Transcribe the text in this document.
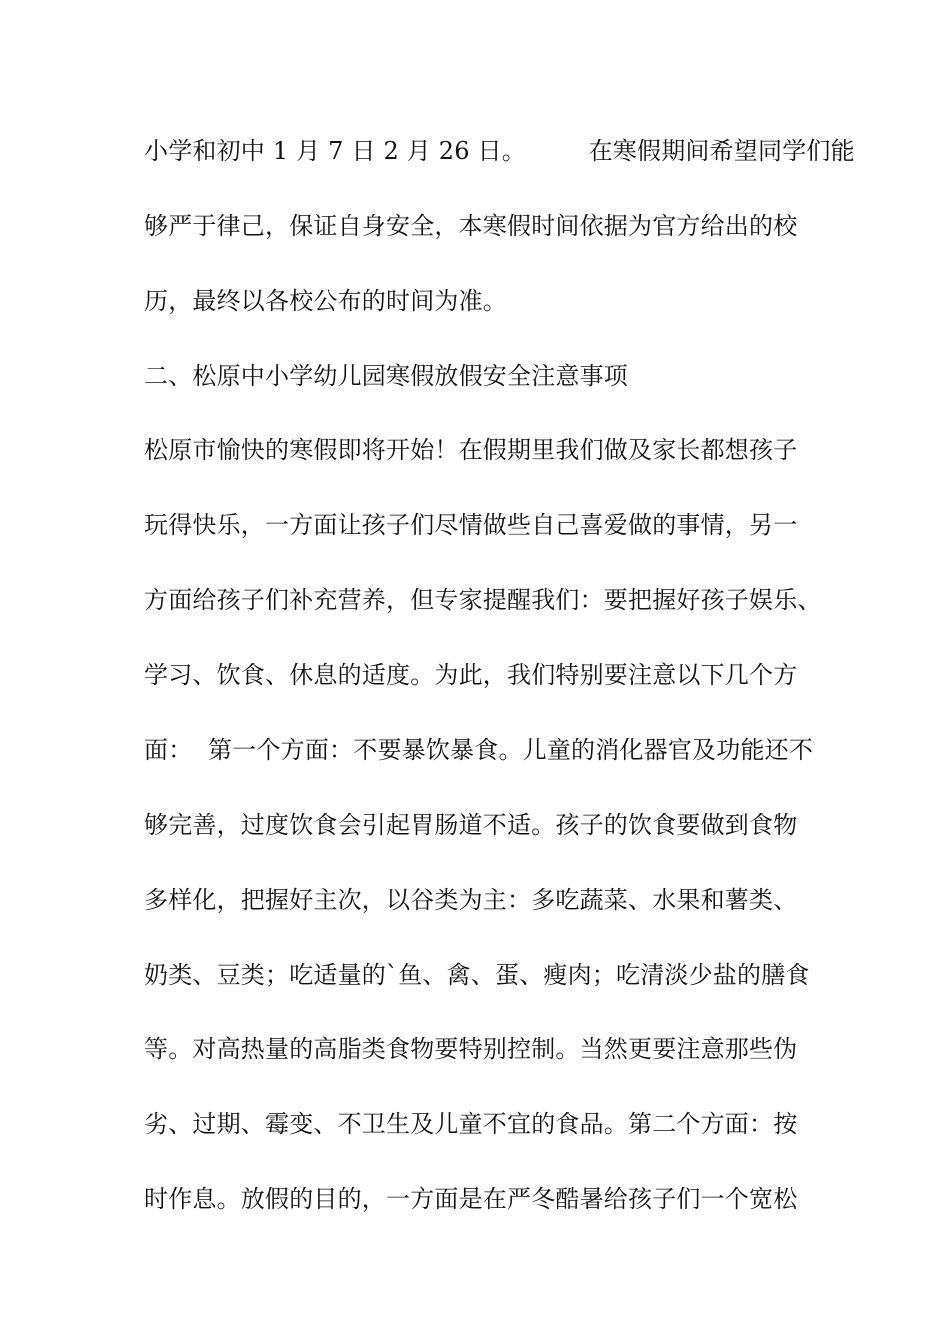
小学和初中 1 月 7 日 2 月 26 日。        在寒假期间希望同学们能
够严于律己，保证自身安全，本寒假时间依据为官方给出的校
历，最终以各校公布的时间为准。
二、松原中小学幼儿园寒假放假安全注意事项
松原市愉快的寒假即将开始！在假期里我们做及家长都想孩子
玩得快乐，一方面让孩子们尽情做些自己喜爱做的事情，另一
方面给孩子们补充营养，但专家提醒我们：要把握好孩子娱乐、
学习、饮食、休息的适度。为此，我们特别要注意以下几个方
面：  第一个方面：不要暴饮暴食。儿童的消化器官及功能还不
够完善，过度饮食会引起胃肠道不适。孩子的饮食要做到食物
多样化，把握好主次，以谷类为主：多吃蔬菜、水果和薯类、
奶类、豆类；吃适量的`鱼、禽、蛋、瘦肉；吃清淡少盐的膳食
等。对高热量的高脂类食物要特别控制。当然更要注意那些伪
劣、过期、霉变、不卫生及儿童不宜的食品。第二个方面：按
时作息。放假的目的，一方面是在严冬酷暑给孩子们一个宽松
